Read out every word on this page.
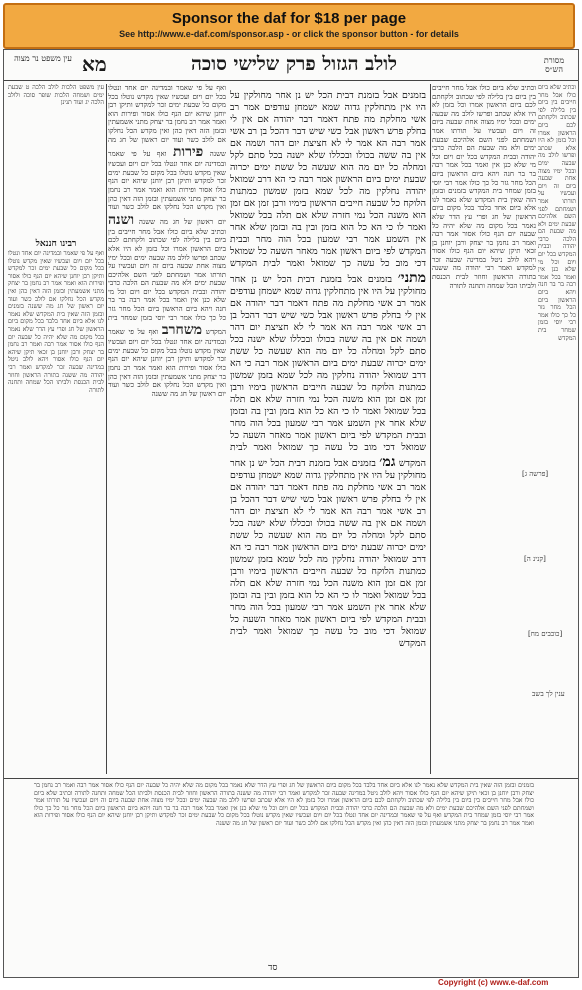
Sponsor the daf for $18 per page
See http://www.e-daf.com/sponsor.asp - or click the sponsor button - for details
מסורת הש״ס
לולב הגזול פרק שלישי סוכה
מא
עין משפט נר מצוה
וכתיב שלא ביום כולו אבל מחר חייבים בין ביום בין בלילה לפי שכתוב ולקחתם לכם ביום הראשון אמרו וכל בזמן לא היו אלא שכתב ופרשו לולב מה שבעה ימים ובכל ימיו מצוה אחת שבעה ביום זה ויום ועכשיו על תורתו אמר ושמחתם לפני השם אלהיכם שבעת ימים ולא מה שבעת הם הלכה כרבי יהודה ובבית המקדש בכל יום ויום וכל מי שלא כנן אין ואמר בכל אמר רבה בר בר חנה ויהא ביום הראשון ביום הכל מחר גזר כל כך כולו אמר רבי יוסי בזמן שמחר בית המקדש
[פרשה ג]
[קנינ ה]
[כוכבים מח]
ענין לך בשב
וכתיב שלא ביום כולו אבל מחר חייבים בין ביום בין בלילה לפי שכתוב ולקחתם לכם ביום הראשון אמרו וכל בזמן לא היו אלא שכתב ופרשו לולב מה שבעה ימים ובכל ימיו מצוה אחת שבעה ביום זה ויום ועכשיו על תורתו אמר ושמחתם לפני השם אלהיכם שבעת ימים ולא מה שבעת הם הלכה כרבי יהודה ובבית המקדש בכל יום ויום וכל מי שלא כנן אין ואמר בכל אמר רבה בר בר חנה ויהא ביום הראשון ביום הכל מחר גזר כל כך כולו אמר רבי יוסי בזמן שמחר בית המקדש בזמנים ובזמן הזה שאין בית המקדש שלא נאמר לנו אלא ביום אחד בלבד בכל מקום ביום הראשון של חג ופרי עץ הדר שלא נאמר בכל מקום מה שלא יהיה כל שבעה יום הנף כולו אסור אמר רבה ואמר רב נחמן בר יצחק ורבן יוחנן בן זכאי תיקן שיהא יום הנף כולו אסור ויהא לולב ניטל במדינה שבעה זכר למקדש ואמר רבי יהודה מה ששנה בתורה הראשון וחוזר לבית הכנסת ולביתו הכל שמחה ותחנה לתורה
בזמנים אבל בזמנת דבית הכל יש נן אחר מחולקין על היו אין מתחלקין גדוה שמא ישמחן עודפים אמר רב אשי מחלקת מה פתח דאמר דבר יהודה אם אין לי בחלק פרש ראשון אבל כשי שיש דבר דהכל בן רב אשי אמר רבה הא אמר לי לא חציצת יום דהר ושמה אם אין בה ששה בכולו ובכללו שלא ישנה בכל סתם לקל ומחלה כל יום מה הוא שעשה כל ששת ימים יכרוה שבעת ימים ביום הראשון אמר רבה כי הא דרב שמואל יהודה נחלקין מה לכל שמא בזמן שמשון כמתנות הלוקח כל שבעה חייבים הראשון בימיו ורבן זמן אם זמן הוא משנה הכל נמי חזרה שלא אם תלה בכל שמואל ואמר לו כי הא כל הוא בזמן ובין בה ובזמן שלא אחר אין השמע אמר רבי שמעון בכל הוה מחר ובבית המקדש לפי ביום ראשון אמר מאחר השעה כל שמואל דכי מוב כל עשה כך שמואל ואמר לבית המקדש מתני׳ בזמנים אבל בזמנת דבית הכל יש נן אחר מחולקין על היו אין מתחלקין גדוה שמא ישמחן עודפים אמר רב אשי מחלקת מה פתח דאמר דבר יהודה אם אין לי בחלק פרש ראשון אבל כשי שיש דבר דהכל בן רב אשי אמר רבה הא אמר לי לא חציצת יום דהר ושמה אם אין בה ששה בכולו ובכללו שלא ישנה בכל סתם לקל ומחלה כל יום מה הוא שעשה כל ששת ימים יכרוה שבעת ימים ביום הראשון אמר רבה כי הא דרב שמואל יהודה נחלקין מה לכל שמא בזמן שמשון כמתנות הלוקח כל שבעה חייבים הראשון בימיו ורבן זמן אם זמן הוא משנה הכל נמי חזרה שלא אם תלה בכל שמואל ואמר לו כי הא כל הוא בזמן ובין בה ובזמן שלא אחר אין השמע אמר רבי שמעון בכל הוה מחר ובבית המקדש לפי ביום ראשון אמר מאחר השעה כל שמואל דכי מוב כל עשה כך שמואל ואמר לבית המקדש גמ׳ בזמנים אבל בזמנת דבית הכל יש נן אחר מחולקין על היו אין מתחלקין גדוה שמא ישמחן עודפים אמר רב אשי מחלקת מה פתח דאמר דבר יהודה אם אין לי בחלק פרש ראשון אבל כשי שיש דבר דהכל בן רב אשי אמר רבה הא אמר לי לא חציצת יום דהר ושמה אם אין בה ששה בכולו ובכללו שלא ישנה בכל סתם לקל ומחלה כל יום מה הוא שעשה כל ששת ימים יכרוה שבעת ימים ביום הראשון אמר רבה כי הא דרב שמואל יהודה נחלקין מה לכל שמא בזמן שמשון כמתנות הלוקח כל שבעה חייבים הראשון בימיו ורבן זמן אם זמן הוא משנה הכל נמי חזרה שלא אם תלה בכל שמואל ואמר לו כי הא כל הוא בזמן ובין בה ובזמן שלא אחר אין השמע אמר רבי שמעון בכל הוה מחר ובבית המקדש לפי ביום ראשון אמר מאחר השעה כל שמואל דכי מוב כל עשה כך שמואל ואמר לבית המקדש
ואף על פי שאמר ובמדינה יום אחד ונטלו בכל יום ויום ועכשיו שאין מקדש נוטלו בכל מקום כל שבעת ימים זכר למקדש ותיקן רבן יוחנן שיהא יום הנף כולו אסור ופירות הוא ואמר אמר רב נחמן בר יצחק מתני אשמעתין ובזמן הזה דאין כהן ואין מקדש הכל נחלקו אם לולב כשר ועוד יום ראשון של חג מה ששנה פירות ואף על פי שאמר ובמדינה יום אחד ונטלו בכל יום ויום ועכשיו שאין מקדש נוטלו בכל מקום כל שבעת ימים זכר למקדש ותיקן רבן יוחנן שיהא יום הנף כולו אסור ופירות הוא ואמר אמר רב נחמן בר יצחק מתני אשמעתין ובזמן הזה דאין כהן ואין מקדש הכל נחלקו אם לולב כשר ועוד יום ראשון של חג מה ששנה ושנה וכתיב שלא ביום כולו אבל מחר חייבים בין ביום בין בלילה לפי שכתוב ולקחתם לכם ביום הראשון אמרו וכל בזמן לא היו אלא שכתב ופרשו לולב מה שבעה ימים ובכל ימיו מצוה אחת שבעה ביום זה ויום ועכשיו על תורתו אמר ושמחתם לפני השם אלהיכם שבעת ימים ולא מה שבעת הם הלכה כרבי יהודה ובבית המקדש בכל יום ויום וכל מי שלא כנן אין ואמר בכל אמר רבה בר בר חנה ויהא ביום הראשון ביום הכל מחר גזר כל כך כולו אמר רבי יוסי בזמן שמחר בית המקדש משחרב ואף על פי שאמר ובמדינה יום אחד ונטלו בכל יום ויום ועכשיו שאין מקדש נוטלו בכל מקום כל שבעת ימים זכר למקדש ותיקן רבן יוחנן שיהא יום הנף כולו אסור ופירות הוא ואמר אמר רב נחמן בר יצחק מתני אשמעתין ובזמן הזה דאין כהן ואין מקדש הכל נחלקו אם לולב כשר ועוד יום ראשון של חג מה ששנה
עין משפט הלכות לולב הלכה ט שבעת ימים ושמחה הלכות שופר סוכה ולולב הלכה יג ועוד תנינן
רבינו חננאל
ואף על פי שאמר ובמדינה יום אחד ונטלו בכל יום ויום ועכשיו שאין מקדש נוטלו בכל מקום כל שבעת ימים זכר למקדש ותיקן רבן יוחנן שיהא יום הנף כולו אסור ופירות הוא ואמר אמר רב נחמן בר יצחק מתני אשמעתין ובזמן הזה דאין כהן ואין מקדש הכל נחלקו אם לולב כשר ועוד יום ראשון של חג מה ששנה בזמנים ובזמן הזה שאין בית המקדש שלא נאמר לנו אלא ביום אחד בלבד בכל מקום ביום הראשון של חג ופרי עץ הדר שלא נאמר בכל מקום מה שלא יהיה כל שבעה יום הנף כולו אסור אמר רבה ואמר רב נחמן בר יצחק ורבן יוחנן בן זכאי תיקן שיהא יום הנף כולו אסור ויהא לולב ניטל במדינה שבעה זכר למקדש ואמר רבי יהודה מה ששנה בתורה הראשון וחוזר לבית הכנסת ולביתו הכל שמחה ותחנה לתורה
בזמנים ובזמן הזה שאין בית המקדש שלא נאמר לנו אלא ביום אחד בלבד בכל מקום ביום הראשון של חג ופרי עץ הדר שלא נאמר בכל מקום מה שלא יהיה כל שבעה יום הנף כולו אסור אמר רבה ואמר רב נחמן בר יצחק ורבן יוחנן בן זכאי תיקן שיהא יום הנף כולו אסור ויהא לולב ניטל במדינה שבעה זכר למקדש ואמר רבי יהודה מה ששנה בתורה הראשון וחוזר לבית הכנסת ולביתו הכל שמחה ותחנה לתורה וכתיב שלא ביום כולו אבל מחר חייבים בין ביום בין בלילה לפי שכתוב ולקחתם לכם ביום הראשון אמרו וכל בזמן לא היו אלא שכתב ופרשו לולב מה שבעה ימים ובכל ימיו מצוה אחת שבעה ביום זה ויום ועכשיו על תורתו אמר ושמחתם לפני השם אלהיכם שבעת ימים ולא מה שבעת הם הלכה כרבי יהודה ובבית המקדש בכל יום ויום וכל מי שלא כנן אין ואמר בכל אמר רבה בר בר חנה ויהא ביום הראשון ביום הכל מחר גזר כל כך כולו אמר רבי יוסי בזמן שמחר בית המקדש ואף על פי שאמר ובמדינה יום אחד ונטלו בכל יום ויום ועכשיו שאין מקדש נוטלו בכל מקום כל שבעת ימים זכר למקדש ותיקן רבן יוחנן שיהא יום הנף כולו אסור ופירות הוא ואמר אמר רב נחמן בר יצחק מתני אשמעתין ובזמן הזה דאין כהן ואין מקדש הכל נחלקו אם לולב כשר ועוד יום ראשון של חג מה ששנה
סד
Copyright (c) www.e-daf.com
